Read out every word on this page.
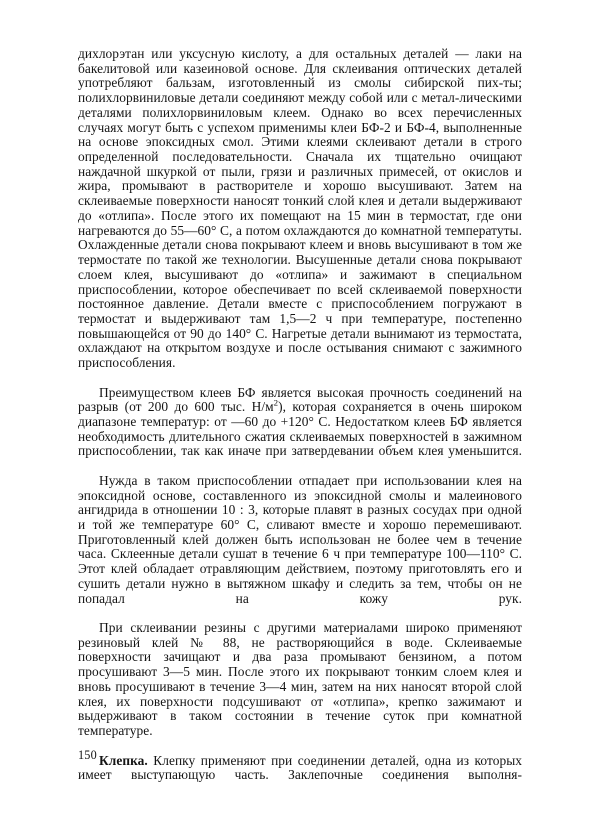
дихлорэтан или уксусную кислоту, а для остальных деталей — лаки на бакелитовой или казеиновой основе. Для склеивания оптических деталей употребляют бальзам, изготовленный из смолы сибирской пих-ты; полихлорвиниловые детали соединяют между собой или с метал-лическими деталями полихлорвиниловым клеем. Однако во всех перечисленных случаях могут быть с успехом применимы клеи БФ-2 и БФ-4, выполненные на основе эпоксидных смол. Этими клеями склеивают детали в строго определенной последовательности. Сначала их тщательно очищают наждачной шкуркой от пыли, грязи и различных примесей, от окислов и жира, промывают в растворителе и хорошо высушивают. Затем на склеиваемые поверхности наносят тонкий слой клея и детали выдерживают до «отлипа». После этого их помещают на 15 мин в термостат, где они нагреваются до 55—60° С, а потом охлаждаются до комнатной температуты. Охлажденные детали снова покрывают клеем и вновь высушивают в том же термостате по такой же технологии. Высушенные детали снова покрывают слоем клея, высушивают до «отлипа» и зажимают в специальном приспособлении, которое обеспечивает по всей склеиваемой поверхности постоянное давление. Детали вместе с приспособлением погружают в термостат и выдерживают там 1,5—2 ч при температуре, постепенно повышающейся от 90 до 140° С. Нагретые детали вынимают из термостата, охлаждают на открытом воздухе и после остывания снимают с зажимного приспособления.

Преимуществом клеев БФ является высокая прочность соединений на разрыв (от 200 до 600 тыс. $Н/м^2$), которая сохраняется в очень широком диапазоне температур: от —60 до +120° С. Недостатком клеев БФ является необходимость длительного сжатия склеиваемых поверхностей в зажимном приспособлении, так как иначе при затвердевании объем клея уменьшится.

Нужда в таком приспособлении отпадает при использовании клея на эпоксидной основе, составленного из эпоксидной смолы и малеинового ангидрида в отношении 10 : 3, которые плавят в разных сосудах при одной и той же температуре 60° С, сливают вместе и хорошо перемешивают. Приготовленный клей должен быть использован не более чем в течение часа. Склеенные детали сушат в течение 6 ч при температуре 100—110° С. Этот клей обладает отравляющим действием, поэтому приготовлять его и сушить детали нужно в вытяжном шкафу и следить за тем, чтобы он не попадал на кожу рук.

При склеивании резины с другими материалами широко применяют резиновый клей № 88, не растворяющийся в воде. Склеиваемые поверхности зачищают и два раза промывают бензином, а потом просушивают 3—5 мин. После этого их покрывают тонким слоем клея и вновь просушивают в течение 3—4 мин, затем на них наносят второй слой клея, их поверхности подсушивают от «отлипа», крепко зажимают и выдерживают в таком состоянии в течение суток при комнатной температуре.

Клепка. Клепку применяют при соединении деталей, одна из которых имеет выступающую часть. Заклепочные соединения выполня-

150
